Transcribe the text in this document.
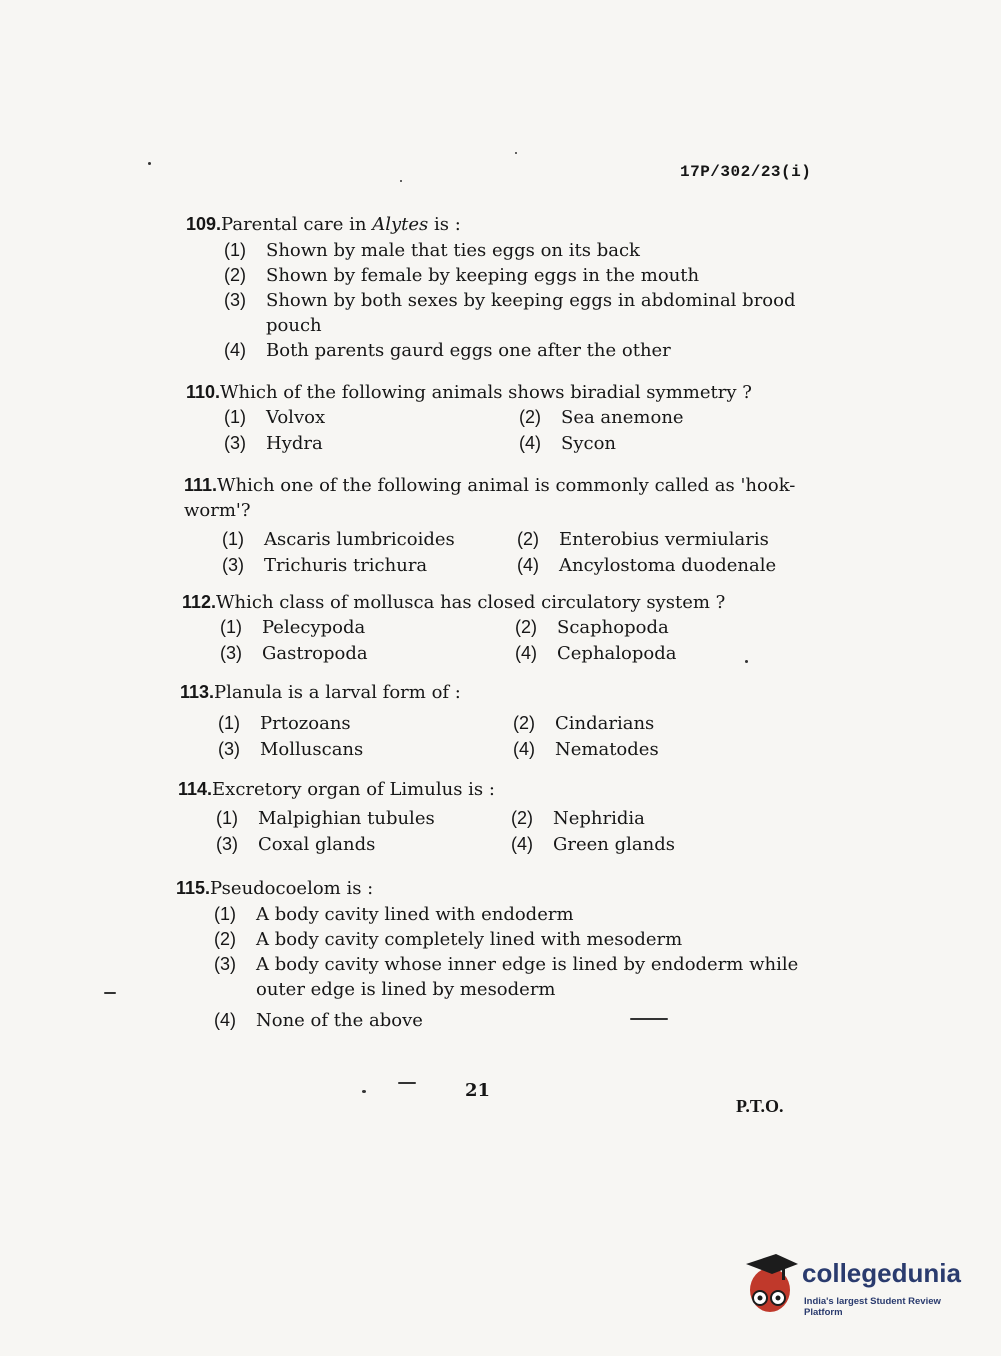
17P/302/23(i)
109.Parental care in Alytes is :
(1) Shown by male that ties eggs on its back
(2) Shown by female by keeping eggs in the mouth
(3) Shown by both sexes by keeping eggs in abdominal brood pouch
(4) Both parents gaurd eggs one after the other
110.Which of the following animals shows biradial symmetry ?
(1) Volvox	(2) Sea anemone
(3) Hydra	(4) Sycon
111.Which one of the following animal is commonly called as 'hook-worm'?
(1) Ascaris lumbricoides	(2) Enterobius vermiularis
(3) Trichuris trichura	(4) Ancylostoma duodenale
112.Which class of mollusca has closed circulatory system ?
(1) Pelecypoda	(2) Scaphopoda
(3) Gastropoda	(4) Cephalopoda
113.Planula is a larval form of :
(1) Prtozoans	(2) Cindarians
(3) Molluscans	(4) Nematodes
114.Excretory organ of Limulus is :
(1) Malpighian tubules	(2) Nephridia
(3) Coxal glands	(4) Green glands
115.Pseudocoelom is :
(1) A body cavity lined with endoderm
(2) A body cavity completely lined with mesoderm
(3) A body cavity whose inner edge is lined by endoderm while outer edge is lined by mesoderm
(4) None of the above
21
P.T.O.
collegedunia
India's largest Student Review Platform
